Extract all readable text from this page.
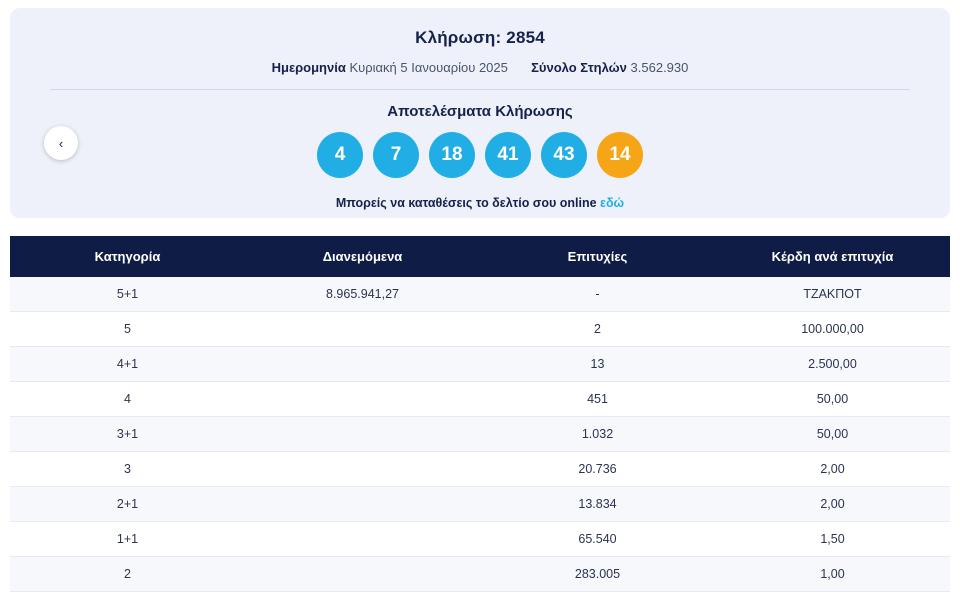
‹
Κλήρωση: 2854
Ημερομηνία Κυριακή 5 Ιανουαρίου 2025 Σύνολο Στηλών 3.562.930
Αποτελέσματα Κλήρωσης
4	7	18	41	43	14
Μπορείς να καταθέσεις το δελτίο σου online εδώ
Κατηγορία	Διανεμόμενα	Επιτυχίες	Κέρδη ανά επιτυχία
5+1	8.965.941,27	-	ΤΖΑΚΠΟΤ
5		2	100.000,00
4+1		13	2.500,00
4		451	50,00
3+1		1.032	50,00
3		20.736	2,00
2+1		13.834	2,00
1+1		65.540	1,50
2		283.005	1,00
